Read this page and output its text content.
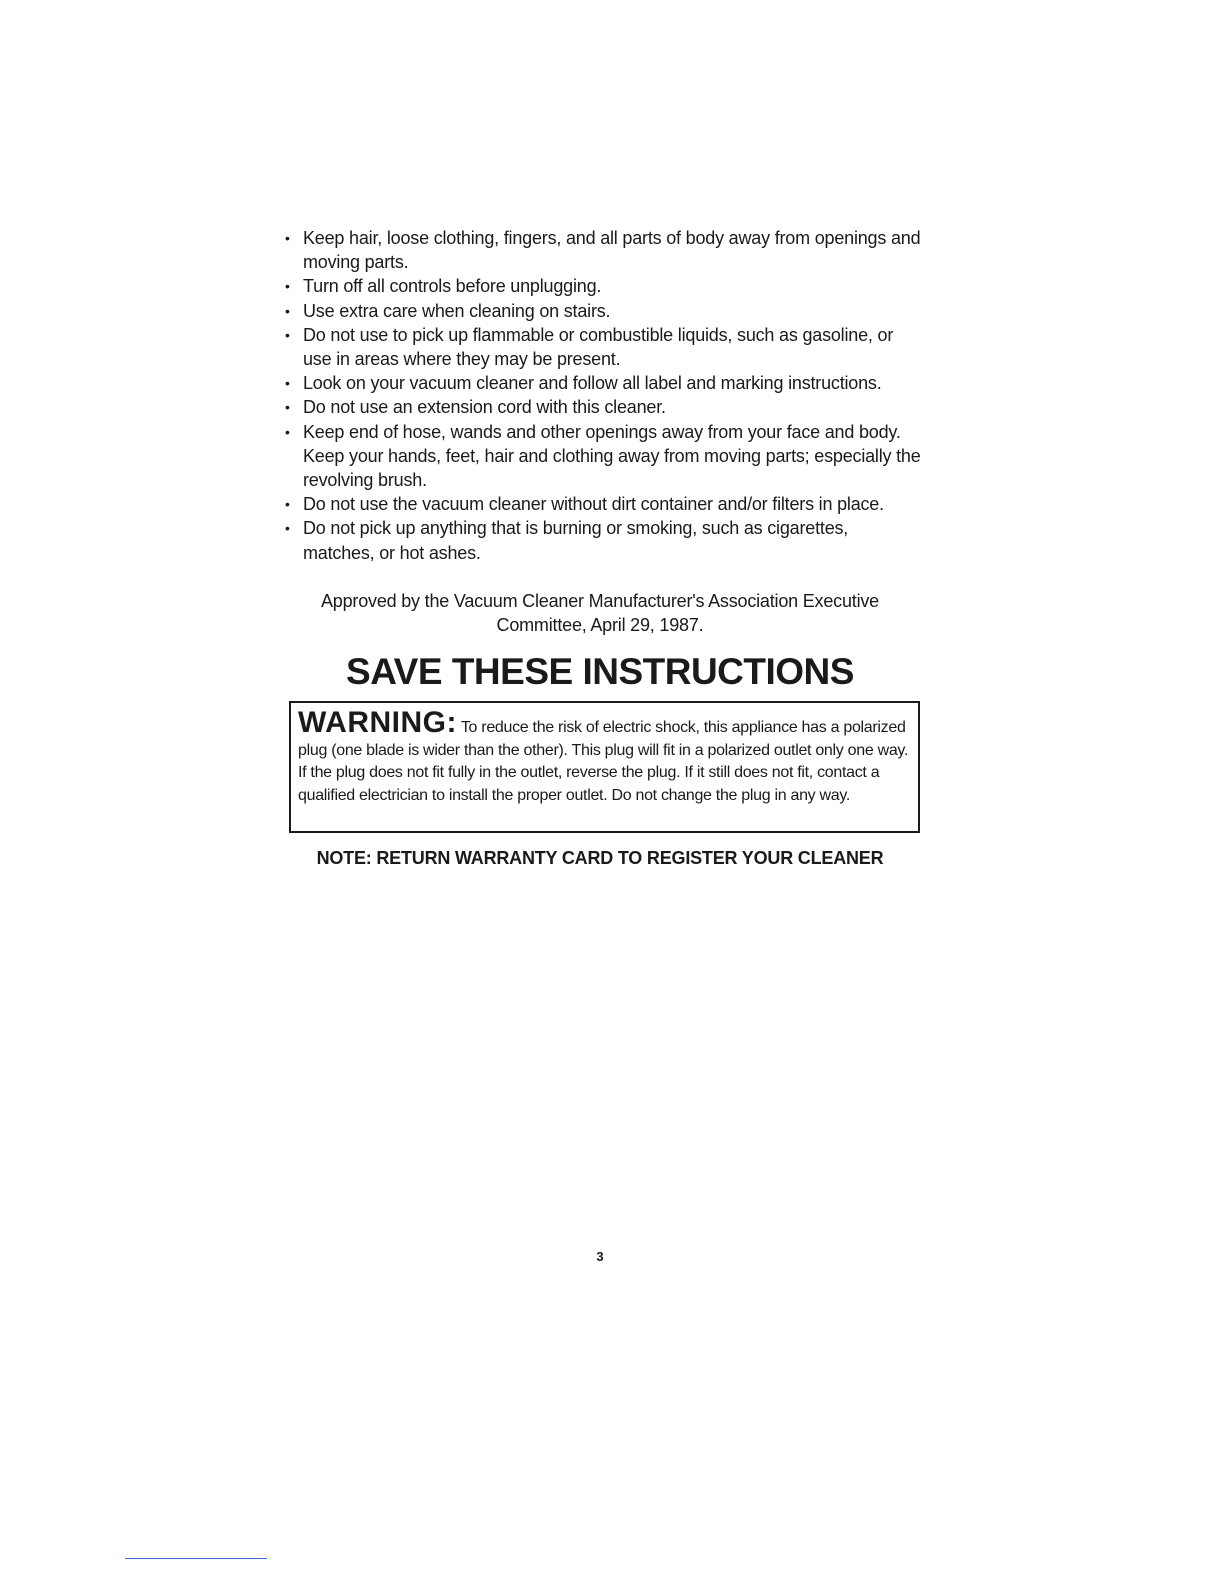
• Keep hair, loose clothing, fingers, and all parts of body away from openings and moving parts.
• Turn off all controls before unplugging.
• Use extra care when cleaning on stairs.
• Do not use to pick up flammable or combustible liquids, such as gasoline, or use in areas where they may be present.
• Look on your vacuum cleaner and follow all label and marking instructions.
• Do not use an extension cord with this cleaner.
• Keep end of hose, wands and other openings away from your face and body. Keep your hands, feet, hair and clothing away from moving parts; especially the revolving brush.
• Do not use the vacuum cleaner without dirt container and/or filters in place.
• Do not pick up anything that is burning or smoking, such as cigarettes, matches, or hot ashes.
Approved by the Vacuum Cleaner Manufacturer's Association Executive
Committee, April 29, 1987.
SAVE THESE INSTRUCTIONS
WARNING: To reduce the risk of electric shock, this appliance has a polarized plug (one blade is wider than the other). This plug will fit in a polarized outlet only one way. If the plug does not fit fully in the outlet, reverse the plug. If it still does not fit, contact a qualified electrician to install the proper outlet. Do not change the plug in any way.
NOTE: RETURN WARRANTY CARD TO REGISTER YOUR CLEANER
3
